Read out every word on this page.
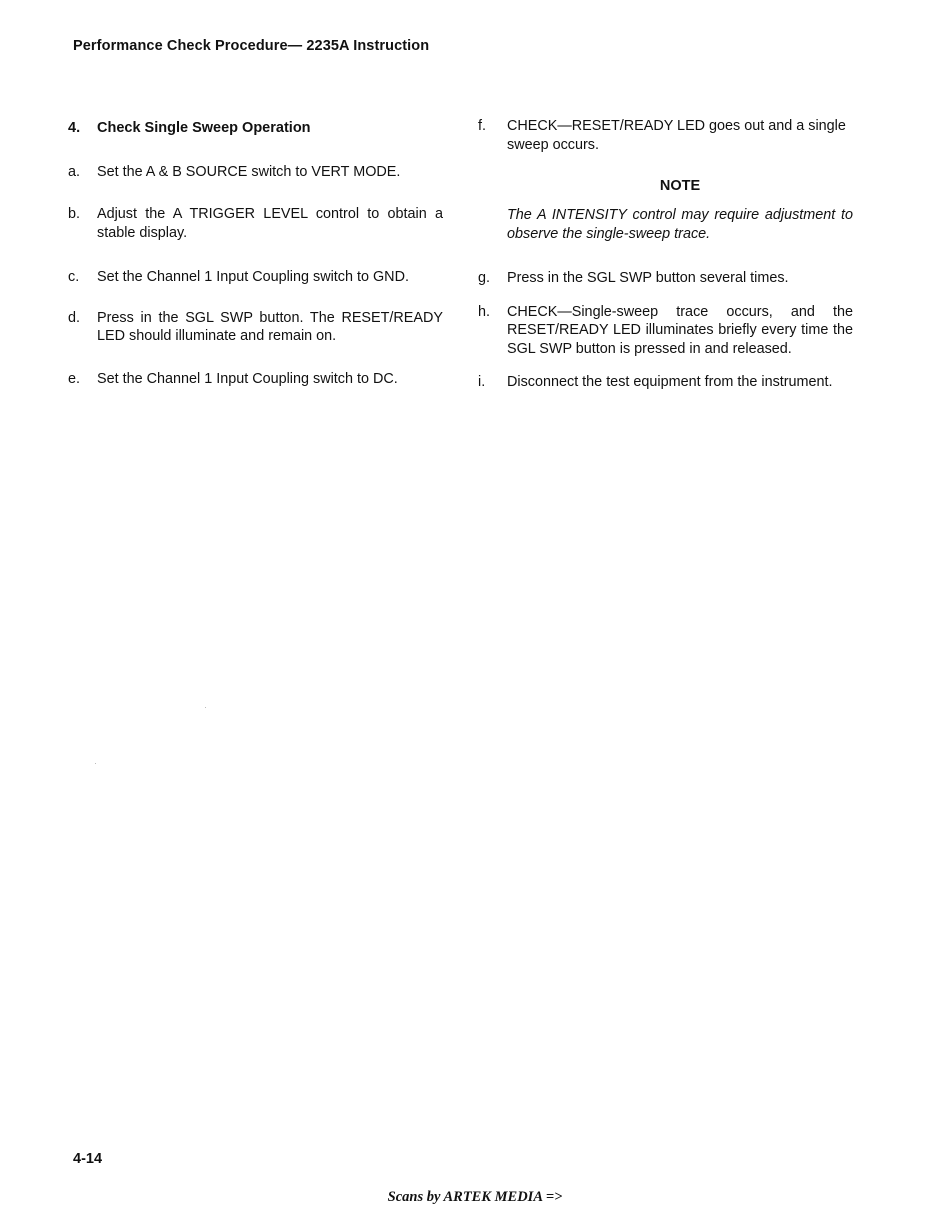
Performance Check Procedure— 2235A Instruction
4. Check Single Sweep Operation
a. Set the A & B SOURCE switch to VERT MODE.
b. Adjust the A TRIGGER LEVEL control to obtain a stable display.
c. Set the Channel 1 Input Coupling switch to GND.
d. Press in the SGL SWP button. The RESET/READY LED should illuminate and remain on.
e. Set the Channel 1 Input Coupling switch to DC.
f. CHECK—RESET/READY LED goes out and a single sweep occurs.
NOTE
The A INTENSITY control may require adjustment to observe the single-sweep trace.
g. Press in the SGL SWP button several times.
h. CHECK—Single-sweep trace occurs, and the RESET/READY LED illuminates briefly every time the SGL SWP button is pressed in and released.
i. Disconnect the test equipment from the instrument.
4-14
Scans by ARTEK MEDIA =>
